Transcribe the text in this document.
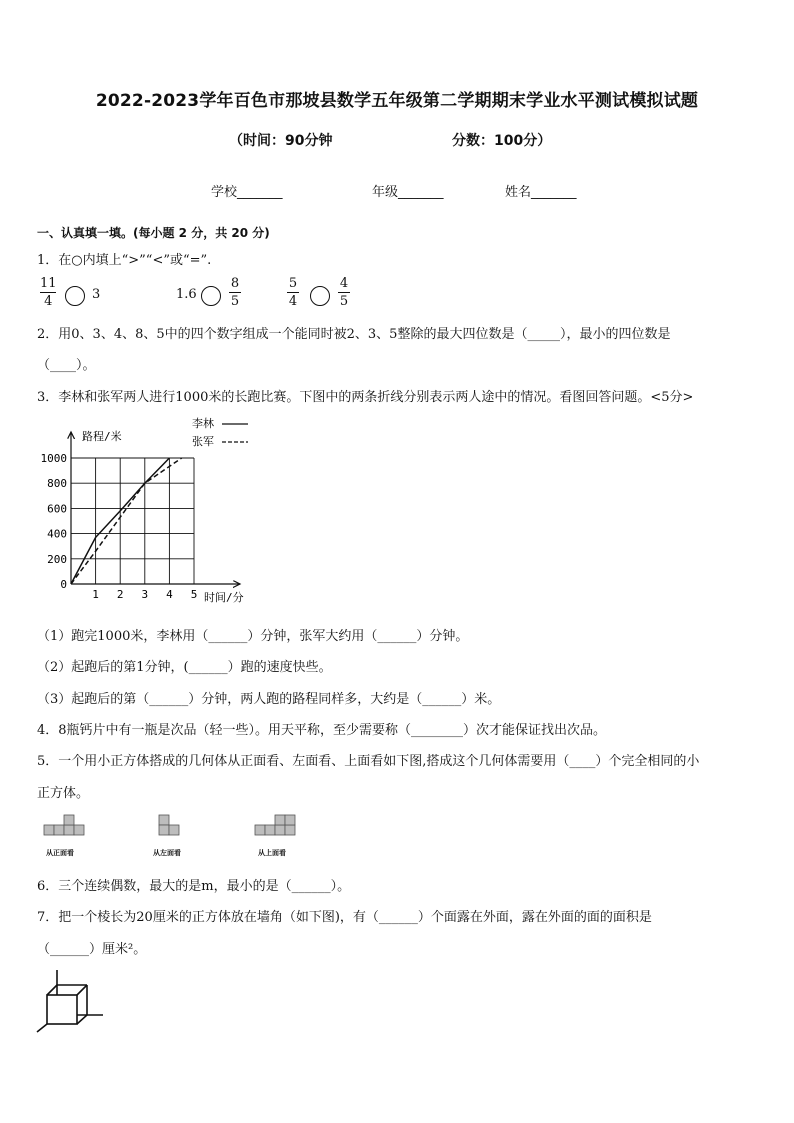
2022-2023学年百色市那坡县数学五年级第二学期期末学业水平测试模拟试题
（时间：90分钟	分数：100分）
学校_______	年级_______	姓名_______
一、认真填一填。(每小题 2 分，共 20 分)
1．在○内填上“>”“<”或“=”.
11
4	3	1.6
8
5
5
4
4
5
2．用0、3、4、8、5中的四个数字组成一个能同时被2、3、5整除的最大四位数是（_____），最小的四位数是
（____）。
3．李林和张军两人进行1000米的长跑比赛。下图中的两条折线分别表示两人途中的情况。看图回答问题。<5分>
路程/米
时间/分
0
200
400
600
800
1000
1 2 3 4 5
李林
张军
（1）跑完1000米，李林用（______）分钟，张军大约用（______）分钟。
（2）起跑后的第1分钟，(______）跑的速度快些。
（3）起跑后的第（______）分钟，两人跑的路程同样多，大约是（______）米。
4．8瓶钙片中有一瓶是次品（轻一些）。用天平称，至少需要称（________）次才能保证找出次品。
5．一个用小正方体搭成的几何体从正面看、左面看、上面看如下图,搭成这个几何体需要用（____）个完全相同的小
正方体。
从正面看	从左面看	从上面看
6．三个连续偶数，最大的是m，最小的是（______）。
7．把一个棱长为20厘米的正方体放在墙角（如下图)，有（______）个面露在外面，露在外面的面的面积是
（______）厘米²。
